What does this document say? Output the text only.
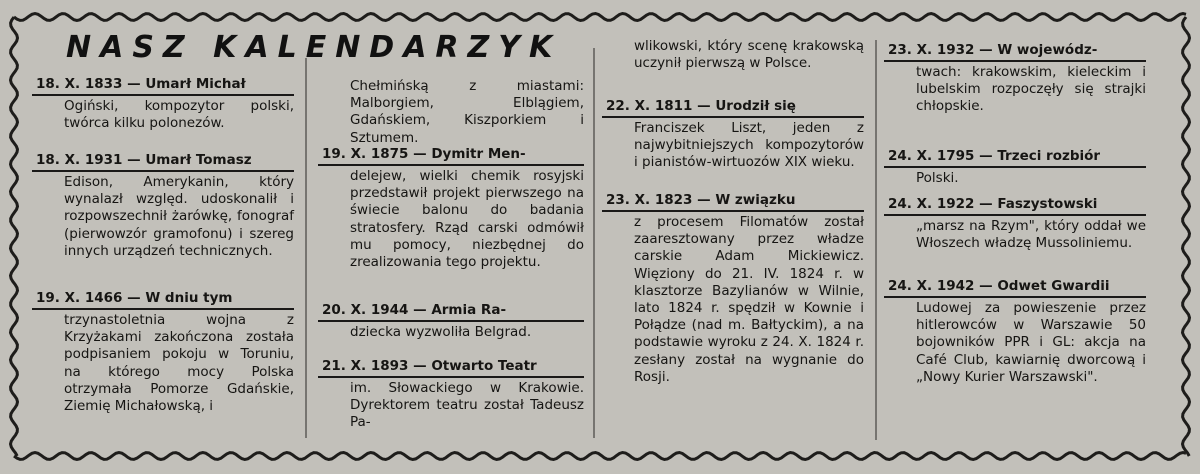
NASZ KALENDARZYK
18. X. 1833 — Umarł Michał
Ogiński, kompozytor polski, twórca kilku polonezów.
18. X. 1931 — Umarł Tomasz
Edison, Amerykanin, który wynalazł względ. udoskonalił i rozpowszechnił żarówkę, fonograf (pierwowzór gramofonu) i szereg innych urządzeń technicznych.
19. X. 1466 — W dniu tym
trzynastoletnia wojna z Krzyżakami zakończona została podpisaniem pokoju w Toruniu, na którego mocy Polska otrzymała Pomorze Gdańskie, Ziemię Michałowską, i
Chełmińską z miastami: Malborgiem, Elblągiem, Gdańskiem, Kiszporkiem i Sztumem.
19. X. 1875 — Dymitr Men-
delejew, wielki chemik rosyjski przedstawił projekt pierwszego na świecie balonu do badania stratosfery. Rząd carski odmówił mu pomocy, niezbędnej do zrealizowania tego projektu.
20. X. 1944 — Armia Ra-
dziecka wyzwoliła Belgrad.
21. X. 1893 — Otwarto Teatr
im. Słowackiego w Krakowie. Dyrektorem teatru został Tadeusz Pa-
wlikowski, który scenę krakowską uczynił pierwszą w Polsce.
22. X. 1811 — Urodził się
Franciszek Liszt, jeden z najwybitniejszych kompozytorów i pianistów-wirtuozów XIX wieku.
23. X. 1823 — W związku
z procesem Filomatów został zaaresztowany przez władze carskie Adam Mickiewicz. Więziony do 21. IV. 1824 r. w klasztorze Bazylianów w Wilnie, lato 1824 r. spędził w Kownie i Połądze (nad m. Bałtyckim), a na podstawie wyroku z 24. X. 1824 r. zesłany został na wygnanie do Rosji.
23. X. 1932 — W wojewódz-
twach: krakowskim, kieleckim i lubelskim rozpoczęły się strajki chłopskie.
24. X. 1795 — Trzeci rozbiór
Polski.
24. X. 1922 — Faszystowski
„marsz na Rzym", który oddał we Włoszech władzę Mussoliniemu.
24. X. 1942 — Odwet Gwardii
Ludowej za powieszenie przez hitlerowców w Warszawie 50 bojowników PPR i GL: akcja na Café Club, kawiarnię dworcową i „Nowy Kurier Warszawski".
